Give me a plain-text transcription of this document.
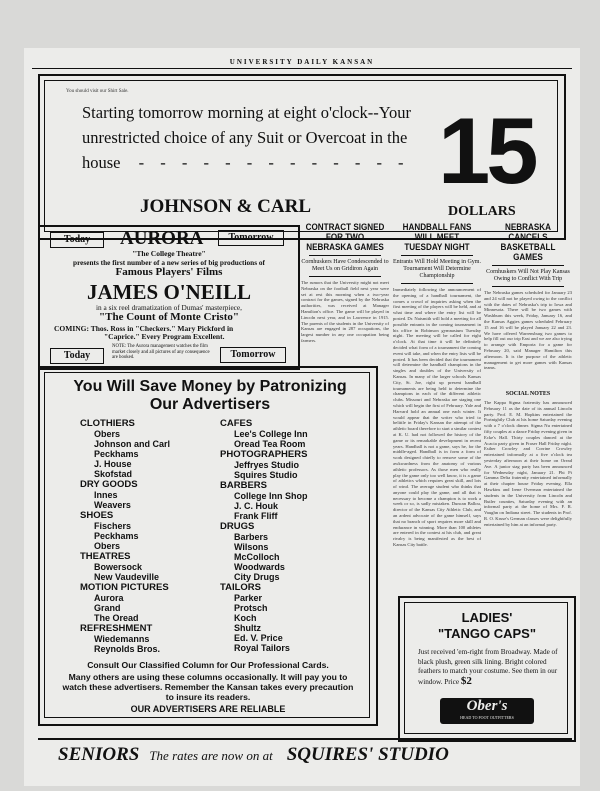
UNIVERSITY DAILY KANSAN
You should visit our Shirt Sale.
Starting tomorrow morning at eight o'clock--Your
unrestricted choice of any Suit or Overcoat in the
house - - - - - - - - - - - - -
JOHNSON & CARL
15
DOLLARS
Today	AURORA	Tomorrow
"The College Theatre"
presents the first number of a new series of big productions of
Famous Players' Films
JAMES O'NEILL
in a six reel dramatization of Dumas' masterpiece,
"The Count of Monte Cristo"
COMING: Thos. Ross in "Checkers." Mary Pickford in
"Caprice." Every Program Excellent.
Today
NOTE: The Aurora management watches the film market closely and all pictures of any consequence are booked.	Tomorrow
CONTRACT SIGNED FOR TWO NEBRASKA GAMES
Cornhuskers Have Condescended to Meet Us on Gridiron Again
The rumors that the University might not meet Nebraska on the football field next year were set at rest this morning when a two-year contract for the games, signed by the Nebraska authorities, was received at Manager Hamilton's office. The game will be played in Lincoln next year, and in Lawrence in 1915. The parents of the students in the University of Kansas are engaged in 287 occupations, the largest number in any one occupation being farmers.
HANDBALL FANS WILL MEET TUESDAY NIGHT
Entrants Will Hold Meeting in Gym. Tournament Will Determine Championship
Immediately following the announcement of the opening of a handball tournament, the comes a crowd of inquiries asking when the first meeting of the players will be held, and at what time and where the entry list will be posted. Dr. Naismith will hold a meeting for all possible entrants in the coming tournament in his office in Robinson gymnasium Tuesday night. The meeting will be called for eight o'clock. At that time it will be definitely decided what form of a tournament the coming event will take, and when the entry lists will be posted. It has been decided that the tournament will determine the handball champions in the singles and doubles of the University of Kansas. In many of the larger schools Kansas City, St. Joe, right up present handball tournaments are being held to determine the champions in each of the different athletic clubs. Missouri and Nebraska are staging one which will begin the first of February. Yale and Harvard hold an annual one each winter. It would appear that the writer who tried to belittle in Friday's Kansan the attempt of the athletic board therefore to start a similar contest at K. U. had not followed the history of the game or its remarkable development in recent years. Handball is not a game, says he, for the middle-aged. Handball is in form a form of work designed chiefly to remove some of the awkwardness from the anatomy of various athletic professors. As those men who really play the game only too well know, it is a game of athletics which requires great skill, and lots of wind. The average student who thinks that anyone could play the game, and all that is necessary to become a champion is to work a week or so, is sadly mistaken. Duncan Ballou, director of the Kansas City Athletic Club, and an ardent advocate of the game himself, says that no branch of sport requires more skill and endurance in winning. More than 100 athletes are entered in the contest at his club, and great rivalry is being manifested as the best of Kansas City battle.
NEBRASKA CANCELS BASKETBALL GAMES
Cornhuskers Will Not Play Kansas Owing to Conflict With Trip
The Nebraska games scheduled for January 23 and 24 will not be played owing to the conflict with the dates of Nebraska's trip to Iowa and Minnesota. There will be two games with Washburn this week, Friday, January 16, and the Kansas Aggies games scheduled February 15 and 16 will be played January 22 and 23. We have offered Warrensburg two games to help fill out our trip East and we are also trying to arrange with Emporia for a game for February 20, said Manager Hamilton this afternoon. It is the purpose of the athletic management to get more games with Kansas teams.
SOCIAL NOTES
The Kappa Sigma fraternity has announced February 11 as the date of its annual Lincoln party. Prof. E. M. Hopkins entertained the Portnightly Club at his home Saturday evening with a 7 o'clock dinner. Sigma Nu entertained fifty couples at a dance Friday evening given in Ecke's Hall. Thirty couples danced at the Acacia party given in Fraser Hall Friday night. Esther Crowley and Corrine Crowley entertained informally at a five o'clock tea yesterday afternoon at their home on Oread Ave. A junior stag party has been announced for Wednesday night, January 21. Phi Pi Gamma Delta fraternity entertained informally at their chapter house Friday evening. Ella Hawkins and Irene Overman entertained the students in the University from Lincoln and Butler counties, Saturday evening with an informal party at the home of Mrs. F. R. Vaughn on Indiana street. The students in Prof. R. O. Kruse's German classes were delightfully entertained by him at an informal party.
You Will Save Money by Patronizing Our Advertisers
CLOTHIERS
Obers
Johnson and Carl
Peckhams
J. House
Skofstad
DRY GOODS
Innes
Weavers
SHOES
Fischers
Peckhams
Obers
THEATRES
Bowersock
New Vaudeville
MOTION PICTURES
Aurora
Grand
The Oread
REFRESHMENT
Wiedemanns
Reynolds Bros.
CAFES
Lee's College Inn
Oread Tea Room
PHOTOGRAPHERS
Jeffryes Studio
Squires Studio
BARBERS
College Inn Shop
J. C. Houk
Frank Fliff
DRUGS
Barbers
Wilsons
McColloch
Woodwards
City Drugs
TAILORS
Parker
Protsch
Koch
Shultz
Ed. V. Price
Royal Tailors
Consult Our Classified Column for Our Professional Cards.
Many others are using these columns occasionally. It will pay you to watch these advertisers. Remember the Kansan takes every precaution to insure its readers.
OUR ADVERTISERS ARE RELIABLE
LADIES'
"TANGO CAPS"
Just received 'em-right from Broadway. Made of black plush, green silk lining. Bright colored feathers to match your costume. See them in our window. Price $2
Ober's
HEAD TO FOOT OUTFITTERS
SENIORS The rates are now on at SQUIRES' STUDIO
